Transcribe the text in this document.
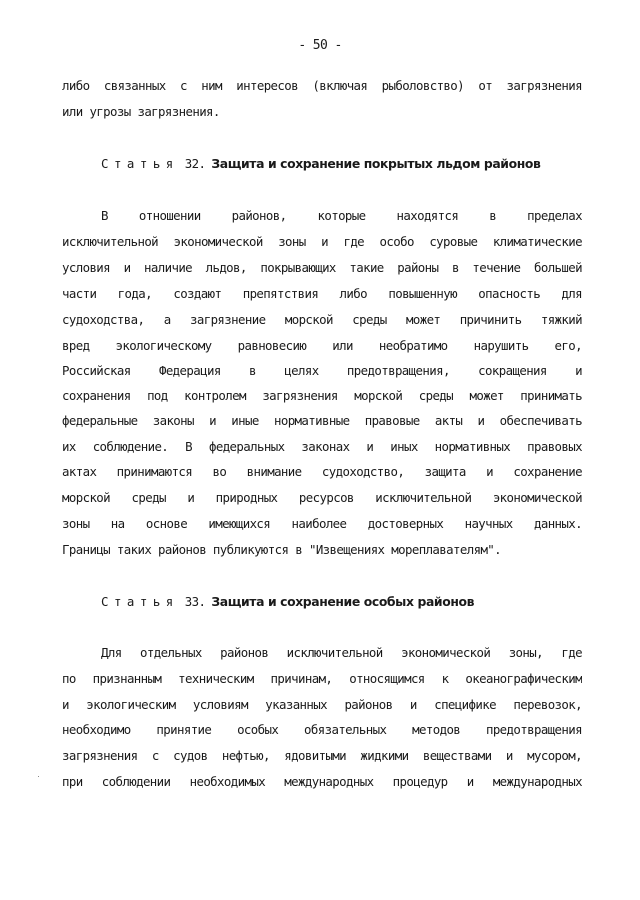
- 50 -
либо связанных с ним интересов (включая рыболовство) от загрязнения
или угрозы загрязнения.
Статья 32. Защита и сохранение покрытых льдом районов
В отношении районов, которые находятся в пределах
исключительной экономической зоны и где особо суровые климатические
условия и наличие льдов, покрывающих такие районы в течение большей
части года, создают препятствия либо повышенную опасность для
судоходства, а загрязнение морской среды может причинить тяжкий
вред экологическому равновесию или необратимо нарушить его,
Российская Федерация в целях предотвращения, сокращения и
сохранения под контролем загрязнения морской среды может принимать
федеральные законы и иные нормативные правовые акты и обеспечивать
их соблюдение. В федеральных законах и иных нормативных правовых
актах принимаются во внимание судоходство, защита и сохранение
морской среды и природных ресурсов исключительной экономической
зоны на основе имеющихся наиболее достоверных научных данных.
Границы таких районов публикуются в "Извещениях мореплавателям".
Статья 33. Защита и сохранение особых районов
Для отдельных районов исключительной экономической зоны, где
по признанным техническим причинам, относящимся к океанографическим
и экологическим условиям указанных районов и специфике перевозок,
необходимо принятие особых обязательных методов предотвращения
загрязнения с судов нефтью, ядовитыми жидкими веществами и мусором,
при соблюдении необходимых международных процедур и международных
